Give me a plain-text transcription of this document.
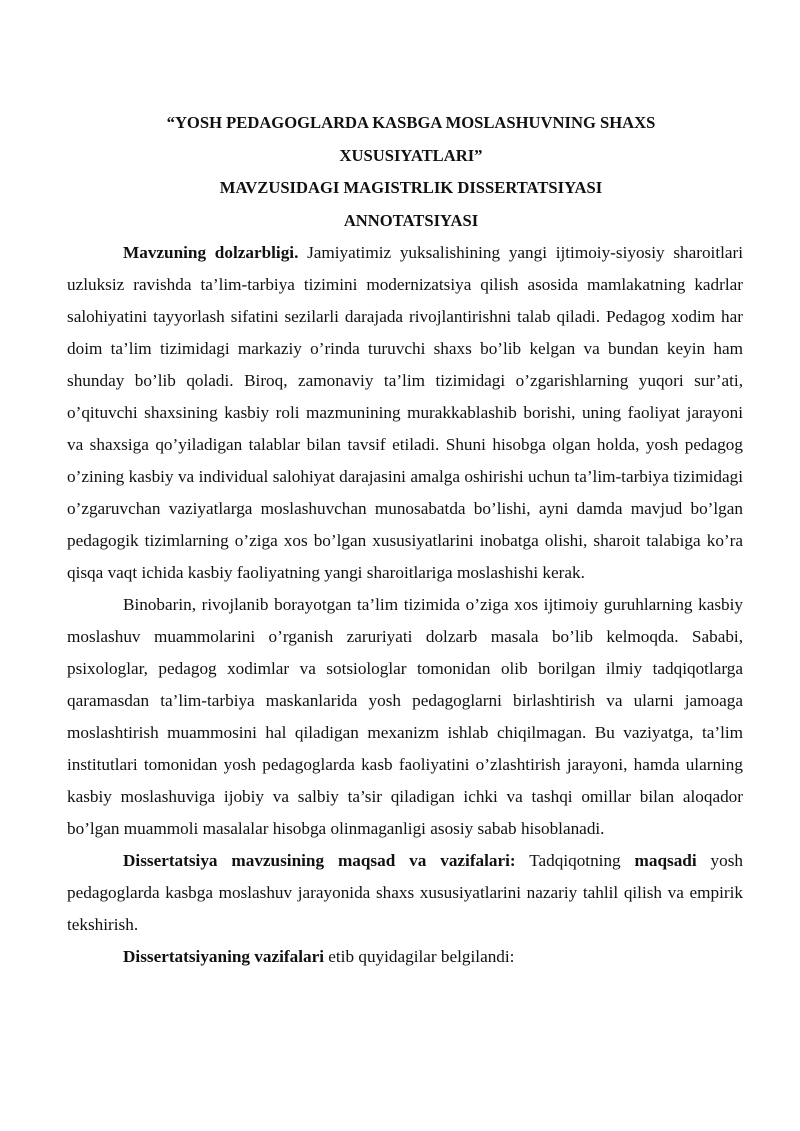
“YOSH PEDAGOGLARDA KASBGA MOSLASHUVNING SHAXS
XUSUSIYATLARI”
MAVZUSIDAGI MAGISTRLIK DISSERTATSIYASI
ANNOTATSIYASI

Mavzuning dolzarbligi. Jamiyatimiz yuksalishining yangi ijtimoiy-siyosiy sharoitlari uzluksiz ravishda ta’lim-tarbiya tizimini modernizatsiya qilish asosida mamlakatning kadrlar salohiyatini tayyorlash sifatini sezilarli darajada rivojlantirishni talab qiladi. Pedagog xodim har doim ta’lim tizimidagi markaziy o’rinda turuvchi shaxs bo’lib kelgan va bundan keyin ham shunday bo’lib qoladi. Biroq, zamonaviy ta’lim tizimidagi o’zgarishlarning yuqori sur’ati, o’qituvchi shaxsining kasbiy roli mazmunining murakkablashib borishi, uning faoliyat jarayoni va shaxsiga qo’yiladigan talablar bilan tavsif etiladi. Shuni hisobga olgan holda, yosh pedagog o’zining kasbiy va individual salohiyat darajasini amalga oshirishi uchun ta’lim-tarbiya tizimidagi o’zgaruvchan vaziyatlarga moslashuvchan munosabatda bo’lishi, ayni damda mavjud bo’lgan pedagogik tizimlarning o’ziga xos bo’lgan xususiyatlarini inobatga olishi, sharoit talabiga ko’ra qisqa vaqt ichida kasbiy faoliyatning yangi sharoitlariga moslashishi kerak.

Binobarin, rivojlanib borayotgan ta’lim tizimida o’ziga xos ijtimoiy guruhlarning kasbiy moslashuv muammolarini o’rganish zaruriyati dolzarb masala bo’lib kelmoqda. Sababi, psixologlar, pedagog xodimlar va sotsiologlar tomonidan olib borilgan ilmiy tadqiqotlarga qaramasdan ta’lim-tarbiya maskanlarida yosh pedagoglarni birlashtirish va ularni jamoaga moslashtirish muammosini hal qiladigan mexanizm ishlab chiqilmagan. Bu vaziyatga, ta’lim institutlari tomonidan yosh pedagoglarda kasb faoliyatini o’zlashtirish jarayoni, hamda ularning kasbiy moslashuviga ijobiy va salbiy ta’sir qiladigan ichki va tashqi omillar bilan aloqador bo’lgan muammoli masalalar hisobga olinmaganligi asosiy sabab hisoblanadi.

Dissertatsiya mavzusining maqsad va vazifalari: Tadqiqotning maqsadi yosh pedagoglarda kasbga moslashuv jarayonida shaxs xususiyatlarini nazariy tahlil qilish va empirik tekshirish.

Dissertatsiyaning vazifalari etib quyidagilar belgilandi:
